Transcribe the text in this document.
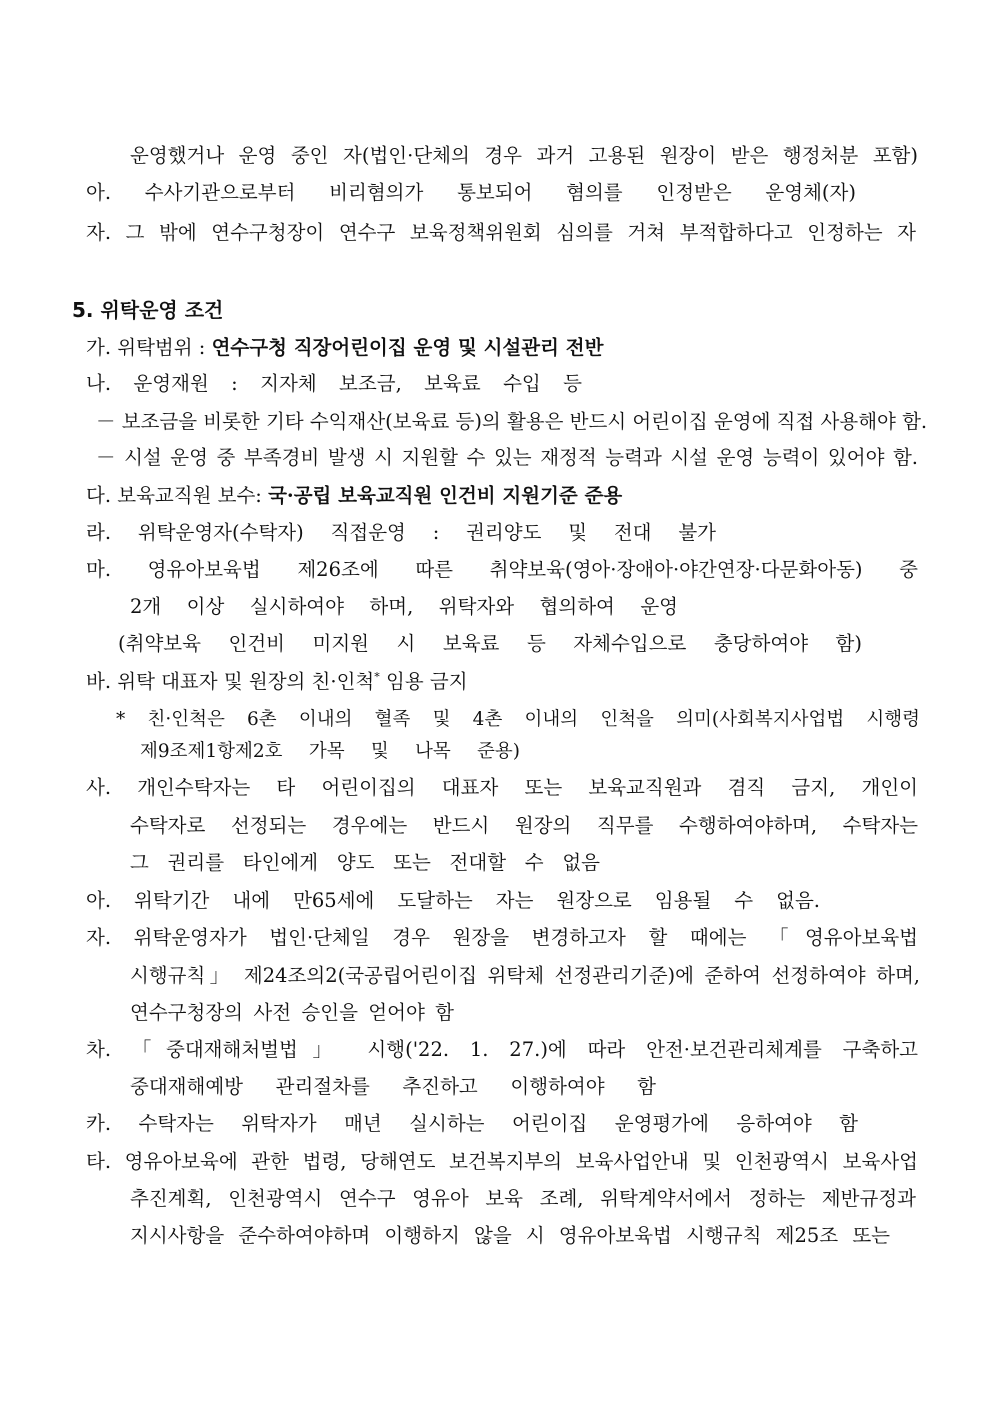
운영했거나 운영 중인 자(법인·단체의 경우 과거 고용된 원장이 받은 행정처분 포함)
아. 수사기관으로부터 비리혐의가 통보되어 혐의를 인정받은 운영체(자)
자. 그 밖에 연수구청장이 연수구 보육정책위원회 심의를 거쳐 부적합하다고 인정하는 자
5. 위탁운영 조건
가. 위탁범위 : 연수구청 직장어린이집 운영 및 시설관리 전반
나. 운영재원 : 지자체 보조금, 보육료 수입 등
－ 보조금을 비롯한 기타 수익재산(보육료 등)의 활용은 반드시 어린이집 운영에 직접 사용해야 함.
－ 시설 운영 중 부족경비 발생 시 지원할 수 있는 재정적 능력과 시설 운영 능력이 있어야 함.
다. 보육교직원 보수: 국·공립 보육교직원 인건비 지원기준 준용
라. 위탁운영자(수탁자) 직접운영 : 권리양도 및 전대 불가
마. 영유아보육법 제26조에 따른 취약보육(영아·장애아·야간연장·다문화아동) 중
2개 이상 실시하여야 하며, 위탁자와 협의하여 운영
(취약보육 인건비 미지원 시 보육료 등 자체수입으로 충당하여야 함)
바. 위탁 대표자 및 원장의 친·인척* 임용 금지
* 친·인척은 6촌 이내의 혈족 및 4촌 이내의 인척을 의미(사회복지사업법 시행령
제9조제1항제2호 가목 및 나목 준용)
사. 개인수탁자는 타 어린이집의 대표자 또는 보육교직원과 겸직 금지, 개인이
수탁자로 선정되는 경우에는 반드시 원장의 직무를 수행하여야하며, 수탁자는
그 권리를 타인에게 양도 또는 전대할 수 없음
아. 위탁기간 내에 만65세에 도달하는 자는 원장으로 임용될 수 없음.
자. 위탁운영자가 법인·단체일 경우 원장을 변경하고자 할 때에는 「영유아보육법
시행규칙」 제24조의2(국공립어린이집 위탁체 선정관리기준)에 준하여 선정하여야 하며,
연수구청장의 사전 승인을 얻어야 함
차. 「중대재해처벌법」 시행('22. 1. 27.)에 따라 안전·보건관리체계를 구축하고
중대재해예방 관리절차를 추진하고 이행하여야 함
카. 수탁자는 위탁자가 매년 실시하는 어린이집 운영평가에 응하여야 함
타. 영유아보육에 관한 법령, 당해연도 보건복지부의 보육사업안내 및 인천광역시 보육사업
추진계획, 인천광역시 연수구 영유아 보육 조례, 위탁계약서에서 정하는 제반규정과
지시사항을 준수하여야하며 이행하지 않을 시 영유아보육법 시행규칙 제25조 또는
